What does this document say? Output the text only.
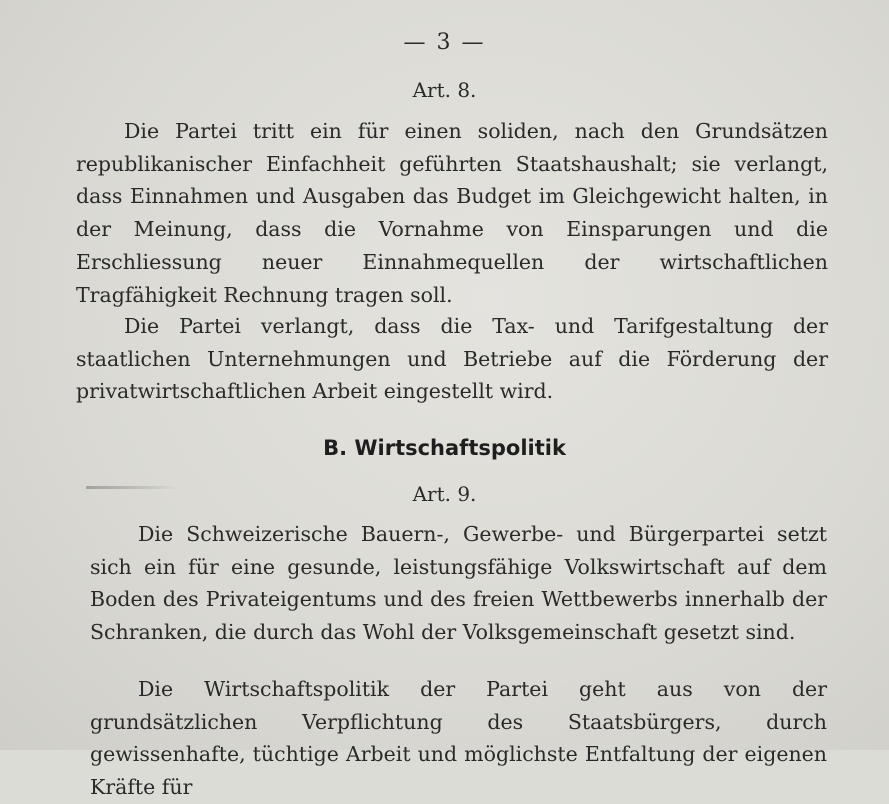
— 3 —
Art. 8.

Die Partei tritt ein für einen soliden, nach den Grundsätzen republikanischer Einfachheit geführten Staatshaushalt; sie verlangt, dass Einnahmen und Ausgaben das Budget im Gleichgewicht halten, in der Meinung, dass die Vornahme von Einsparungen und die Erschliessung neuer Einnahmequellen der wirtschaftlichen Tragfähigkeit Rechnung tragen soll.

Die Partei verlangt, dass die Tax- und Tarifgestaltung der staatlichen Unternehmungen und Betriebe auf die Förderung der privatwirtschaftlichen Arbeit eingestellt wird.

B. Wirtschaftspolitik
Art. 9.

Die Schweizerische Bauern-, Gewerbe- und Bürgerpartei setzt sich ein für eine gesunde, leistungsfähige Volkswirtschaft auf dem Boden des Privateigentums und des freien Wettbewerbs innerhalb der Schranken, die durch das Wohl der Volksgemeinschaft gesetzt sind.

Die Wirtschaftspolitik der Partei geht aus von der grundsätzlichen Verpflichtung des Staatsbürgers, durch gewissenhafte, tüchtige Arbeit und möglichste Entfaltung der eigenen Kräfte für
